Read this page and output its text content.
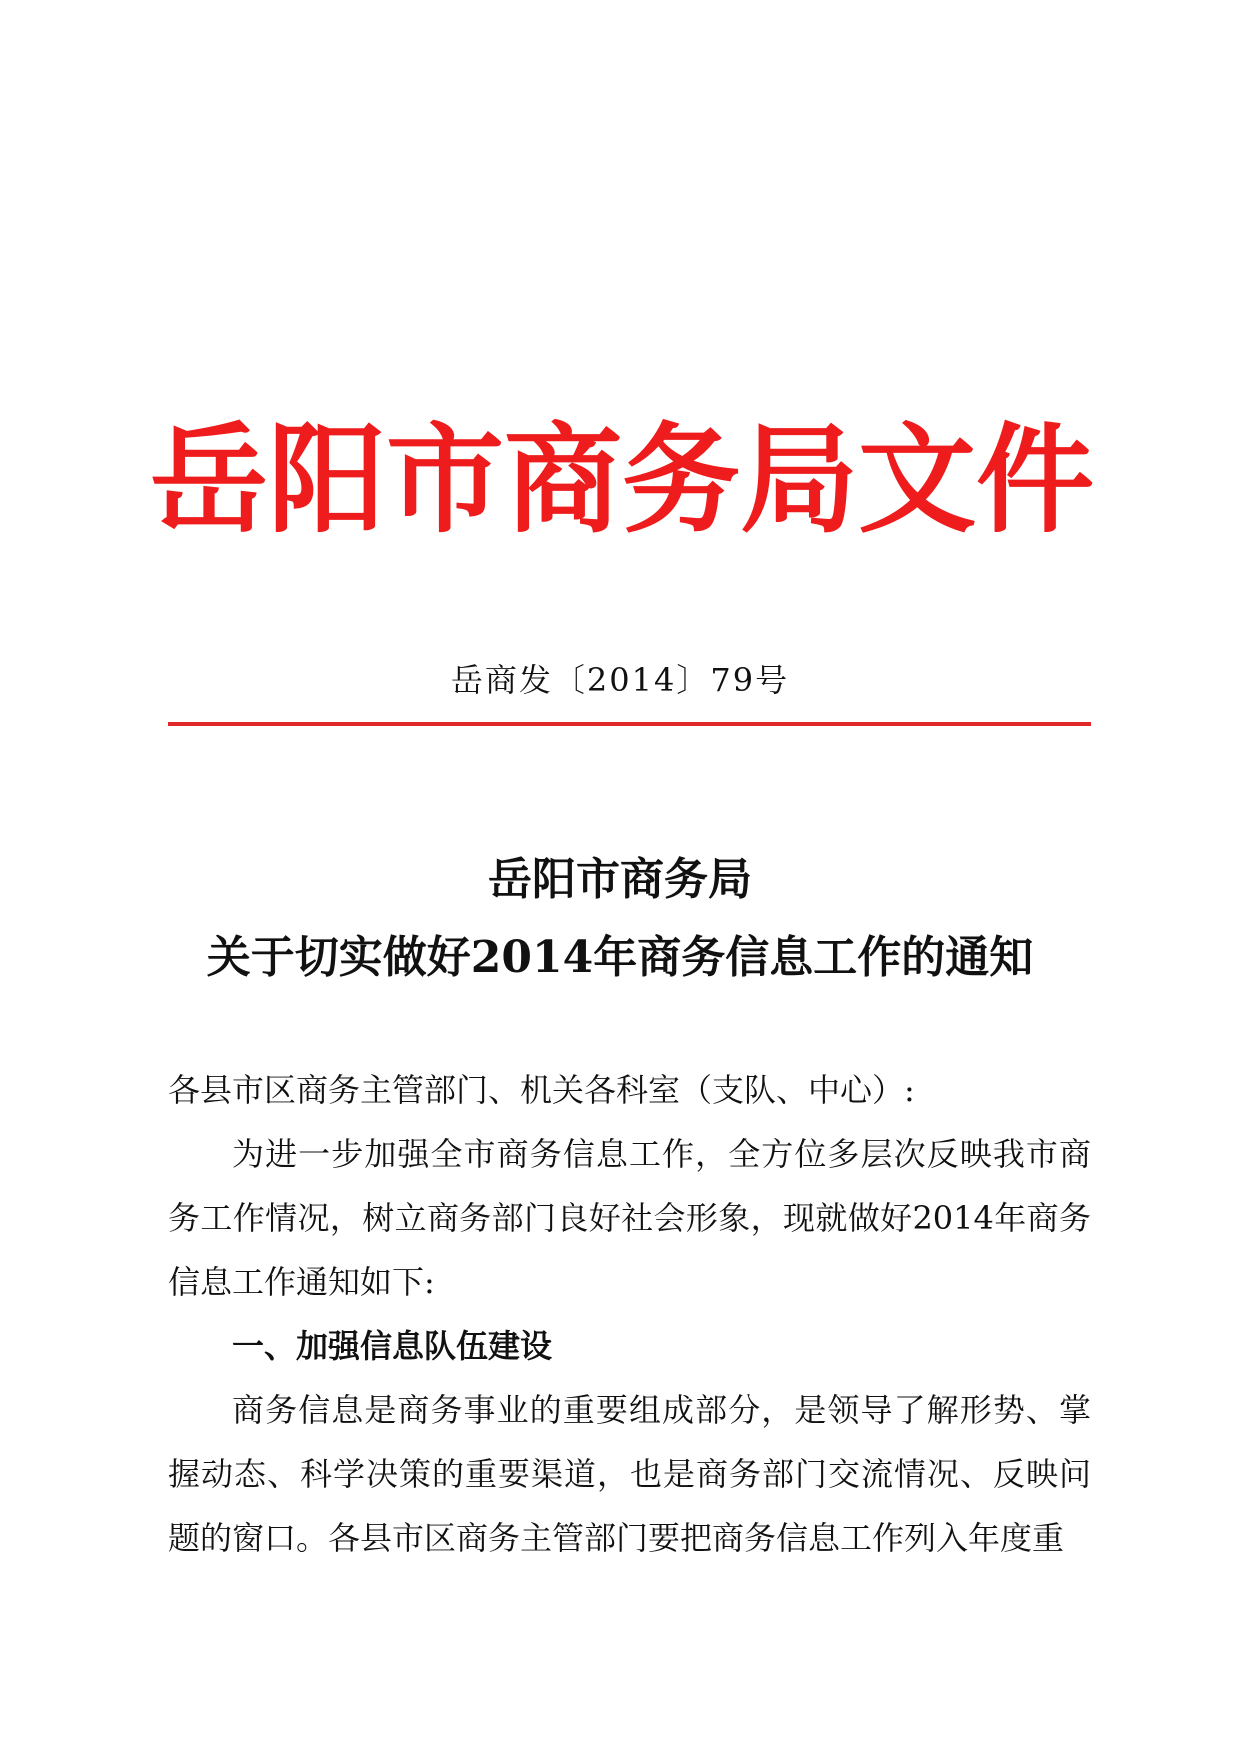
岳 阳 市 商 务 局 文 件
岳商发〔2014〕79号
岳阳市商务局
关于切实做好2014年商务信息工作的通知

各县市区商务主管部门、机关各科室（支队、中心）:

为进一步加强全市商务信息工作，全方位多层次反映我市商务工作情况，树立商务部门良好社会形象，现就做好2014年商务信息工作通知如下:

一、加强信息队伍建设

商务信息是商务事业的重要组成部分，是领导了解形势、掌握动态、科学决策的重要渠道，也是商务部门交流情况、反映问题的窗口。各县市区商务主管部门要把商务信息工作列入年度重
